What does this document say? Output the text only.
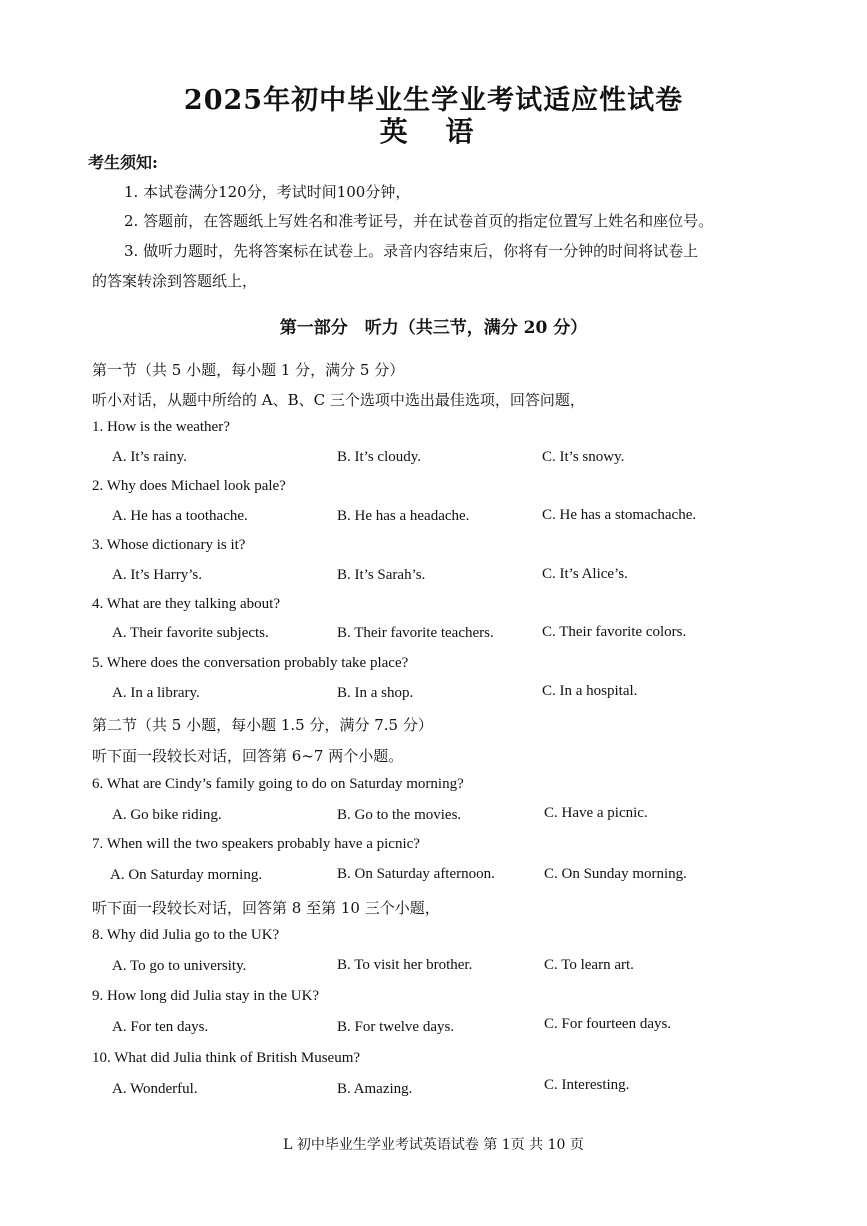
2025年初中毕业生学业考试适应性试卷
英 语
考生须知:
1. 本试卷满分120分，考试时间100分钟，
2. 答题前，在答题纸上写姓名和准考证号，并在试卷首页的指定位置写上姓名和座位号。
3. 做听力题时，先将答案标在试卷上。录音内容结束后，你将有一分钟的时间将试卷上
的答案转涂到答题纸上，
第一部分　听力（共三节，满分 20 分）
第一节（共 5 小题，每小题 1 分，满分 5 分）
听小对话，从题中所给的 A、B、C 三个选项中选出最佳选项，回答问题，
1. How is the weather?
A. It’s rainy.	B. It’s cloudy.	C. It’s snowy.
2. Why does Michael look pale?
A. He has a toothache.	B. He has a headache.	C. He has a stomachache.
3. Whose dictionary is it?
A. It’s Harry’s.	B. It’s Sarah’s.	C. It’s Alice’s.
4. What are they talking about?
A. Their favorite subjects.	B. Their favorite teachers.	C. Their favorite colors.
5. Where does the conversation probably take place?
A. In a library.	B. In a shop.	C. In a hospital.
第二节（共 5 小题，每小题 1.5 分，满分 7.5 分）
听下面一段较长对话，回答第 6~7 两个小题。
6. What are Cindy’s family going to do on Saturday morning?
A. Go bike riding.	B. Go to the movies.	C. Have a picnic.
7. When will the two speakers probably have a picnic?
A. On Saturday morning.	B. On Saturday afternoon.	C. On Sunday morning.
听下面一段较长对话，回答第 8 至第 10 三个小题，
8. Why did Julia go to the UK?
A. To go to university.	B. To visit her brother.	C. To learn art.
9. How long did Julia stay in the UK?
A. For ten days.	B. For twelve days.	C. For fourteen days.
10. What did Julia think of British Museum?
A. Wonderful.	B. Amazing.	C. Interesting.
L 初中毕业生学业考试英语试卷 第 1页 共 10 页
